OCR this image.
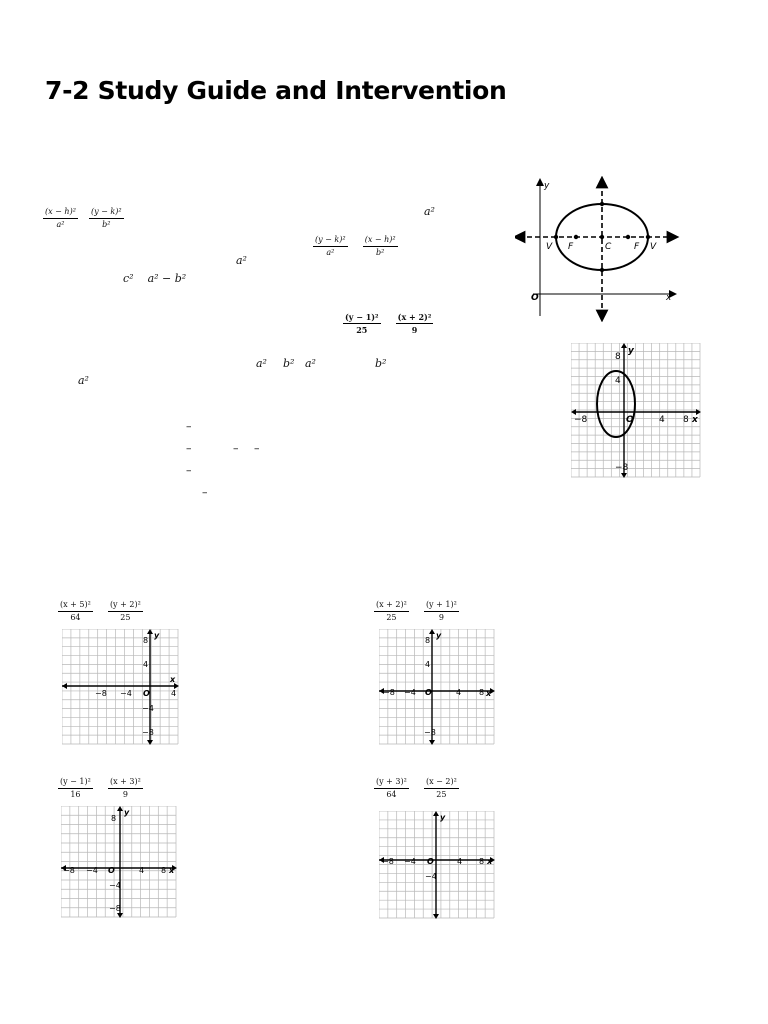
7-2 Study Guide and Intervention
$\frac{\text{(x − h)²}}{\text{a²}}$
$\frac{\text{(y − k)²}}{\text{b²}}$	a²
$\frac{\text{(y − k)²}}{\text{a²}}$
$\frac{\text{(x − h)²}}{\text{b²}}$
a²
c² a² − b²
$\frac{\text{(y − 1)²}}{25}$
$\frac{\text{(x + 2)²}}{9}$
a² b² a²	b²
a²
–
–	– –
–
–
y
x
O
V F	C	F V
y
x
O
8
4
−8	4 8
−8
$\frac{\text{(x + 5)²}}{64}$
$\frac{\text{(y + 2)²}}{25}$
y
x
O
8
4
−8 −4	4
−4
−8
$\frac{\text{(x + 2)²}}{25}$
$\frac{\text{(y + 1)²}}{9}$
y
x
O
8
4
−8 −4	4 8
−8
$\frac{\text{(y − 1)²}}{16}$
$\frac{\text{(x + 3)²}}{9}$
y
x
O
8
−8 −4	4 8
−4
−8
$\frac{\text{(y + 3)²}}{64}$
$\frac{\text{(x − 2)²}}{25}$
y
x
O
−8 −4	4 8
−4
